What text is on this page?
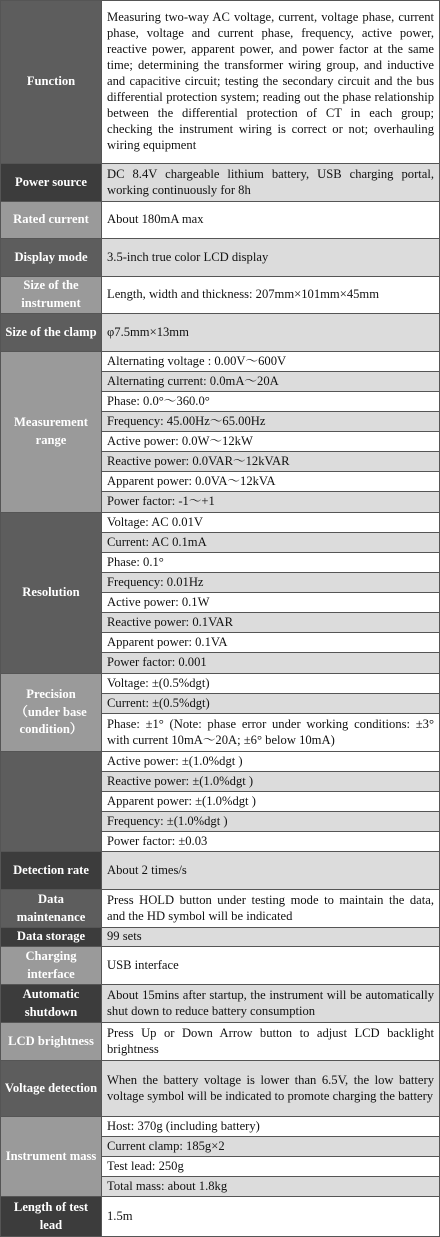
Function	Measuring two-way AC voltage, current, voltage phase, current phase, voltage and current phase, frequency, active power, reactive power, apparent power, and power factor at the same time; determining the transformer wiring group, and inductive and capacitive circuit; testing the secondary circuit and the bus differential protection system; reading out the phase relationship between the differential protection of CT in each group; checking the instrument wiring is correct or not; overhauling wiring equipment
Power source	DC 8.4V chargeable lithium battery, USB charging portal, working continuously for 8h
Rated current	About 180mA max
Display mode	3.5-inch true color LCD display
Size of the instrument	Length, width and thickness: 207mm×101mm×45mm
Size of the clamp	φ7.5mm×13mm
Measurement range	Alternating voltage : 0.00V～600V
	Alternating current: 0.0mA～20A
	Phase: 0.0°～360.0°
	Frequency: 45.00Hz～65.00Hz
	Active power: 0.0W～12kW
	Reactive power: 0.0VAR～12kVAR
	Apparent power: 0.0VA～12kVA
	Power factor: -1～+1
Resolution	Voltage: AC 0.01V
	Current: AC 0.1mA
	Phase: 0.1°
	Frequency: 0.01Hz
	Active power: 0.1W
	Reactive power: 0.1VAR
	Apparent power: 0.1VA
	Power factor: 0.001
Precision（under base condition）	Voltage: ±(0.5%dgt)
	Current: ±(0.5%dgt)
	Phase: ±1° (Note: phase error under working conditions: ±3° with current 10mA～20A; ±6° below 10mA)
	Active power: ±(1.0%dgt )
	Reactive power: ±(1.0%dgt )
	Apparent power: ±(1.0%dgt )
	Frequency: ±(1.0%dgt )
	Power factor: ±0.03
Detection rate	About 2 times/s
Data maintenance	Press HOLD button under testing mode to maintain the data, and the HD symbol will be indicated
Data storage	99 sets
Charging interface	USB interface
Automatic shutdown	About 15mins after startup, the instrument will be automatically shut down to reduce battery consumption
LCD brightness	Press Up or Down Arrow button to adjust LCD backlight brightness
Voltage detection	When the battery voltage is lower than 6.5V, the low battery voltage symbol will be indicated to promote charging the battery
Instrument mass	Host: 370g (including battery)
	Current clamp: 185g×2
	Test lead: 250g
	Total mass: about 1.8kg
Length of test lead	1.5m
